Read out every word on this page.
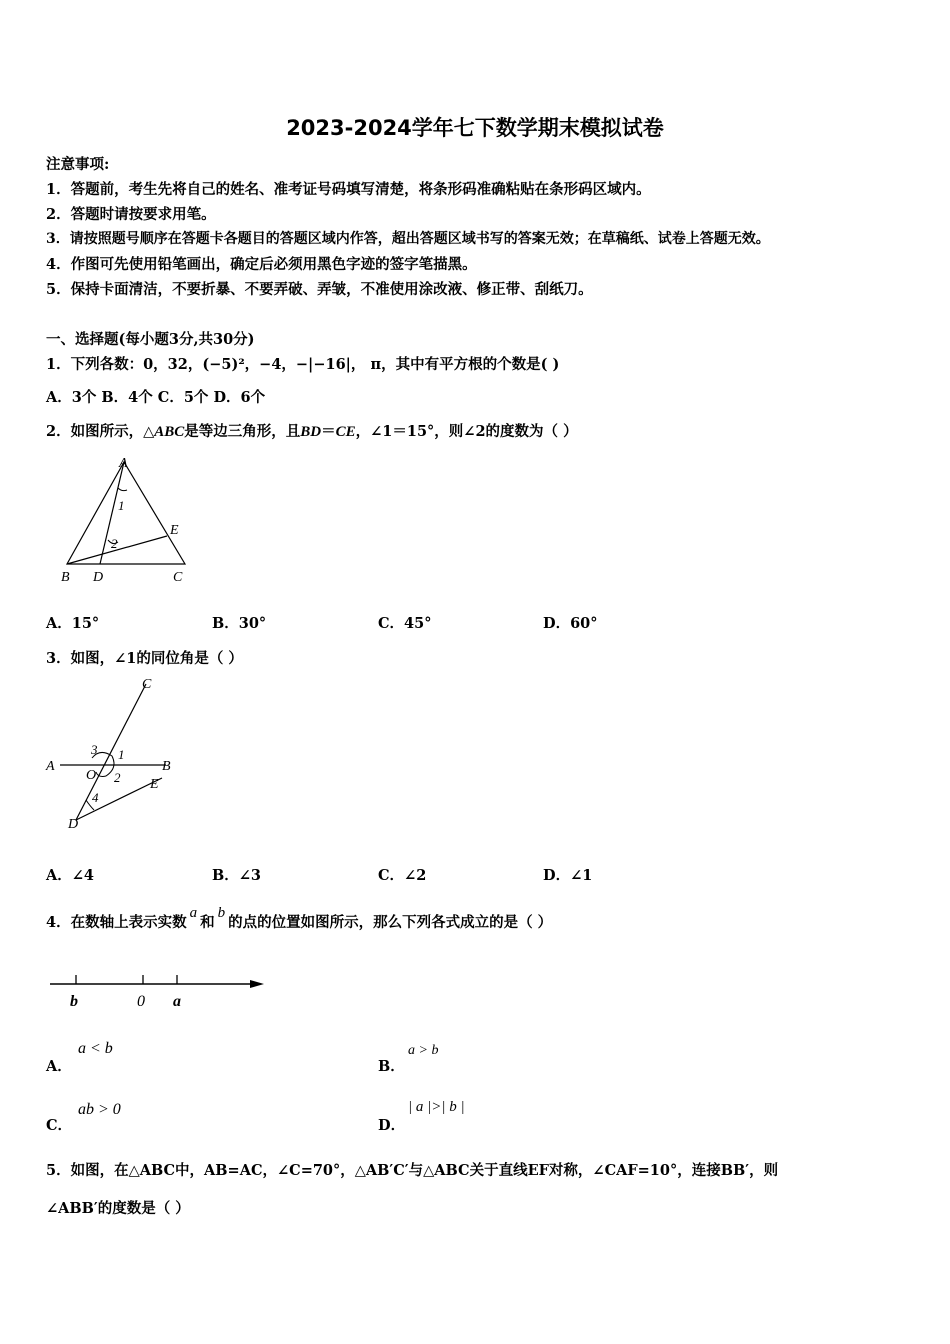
2023-2024学年七下数学期末模拟试卷
注意事项:
1．答题前，考生先将自己的姓名、准考证号码填写清楚，将条形码准确粘贴在条形码区域内。
2．答题时请按要求用笔。
3．请按照题号顺序在答题卡各题目的答题区域内作答，超出答题区域书写的答案无效；在草稿纸、试卷上答题无效。
4．作图可先使用铅笔画出，确定后必须用黑色字迹的签字笔描黑。
5．保持卡面清洁，不要折暴、不要弄破、弄皱，不准使用涂改液、修正带、刮纸刀。
一、选择题(每小题3分,共30分)
1．下列各数：0，32，(−5)²，−4，−|−16|， π，其中有平方根的个数是( )
A．3个 B．4个 C．5个 D．6个
2．如图所示，△ABC是等边三角形，且BD＝CE，∠1＝15°，则∠2的度数为（ ）
A
B D	C
E
1
2
A．15°	B．30°	C．45°	D．60°
3．如图，∠1的同位角是（ ）
C
A	B
O
E
D
3 1
2
4
A．∠4	B．∠3	C．∠2	D．∠1
4．在数轴上表示实数a和b的点的位置如图所示，那么下列各式成立的是（ ）
b	0 a
A．
a < b
B．
a > b
C．
ab > 0
D．
| a |>| b |
5．如图，在△ABC中，AB=AC，∠C=70°，△AB′C′与△ABC关于直线EF对称，∠CAF=10°，连接BB′，则
∠ABB′的度数是（ ）
